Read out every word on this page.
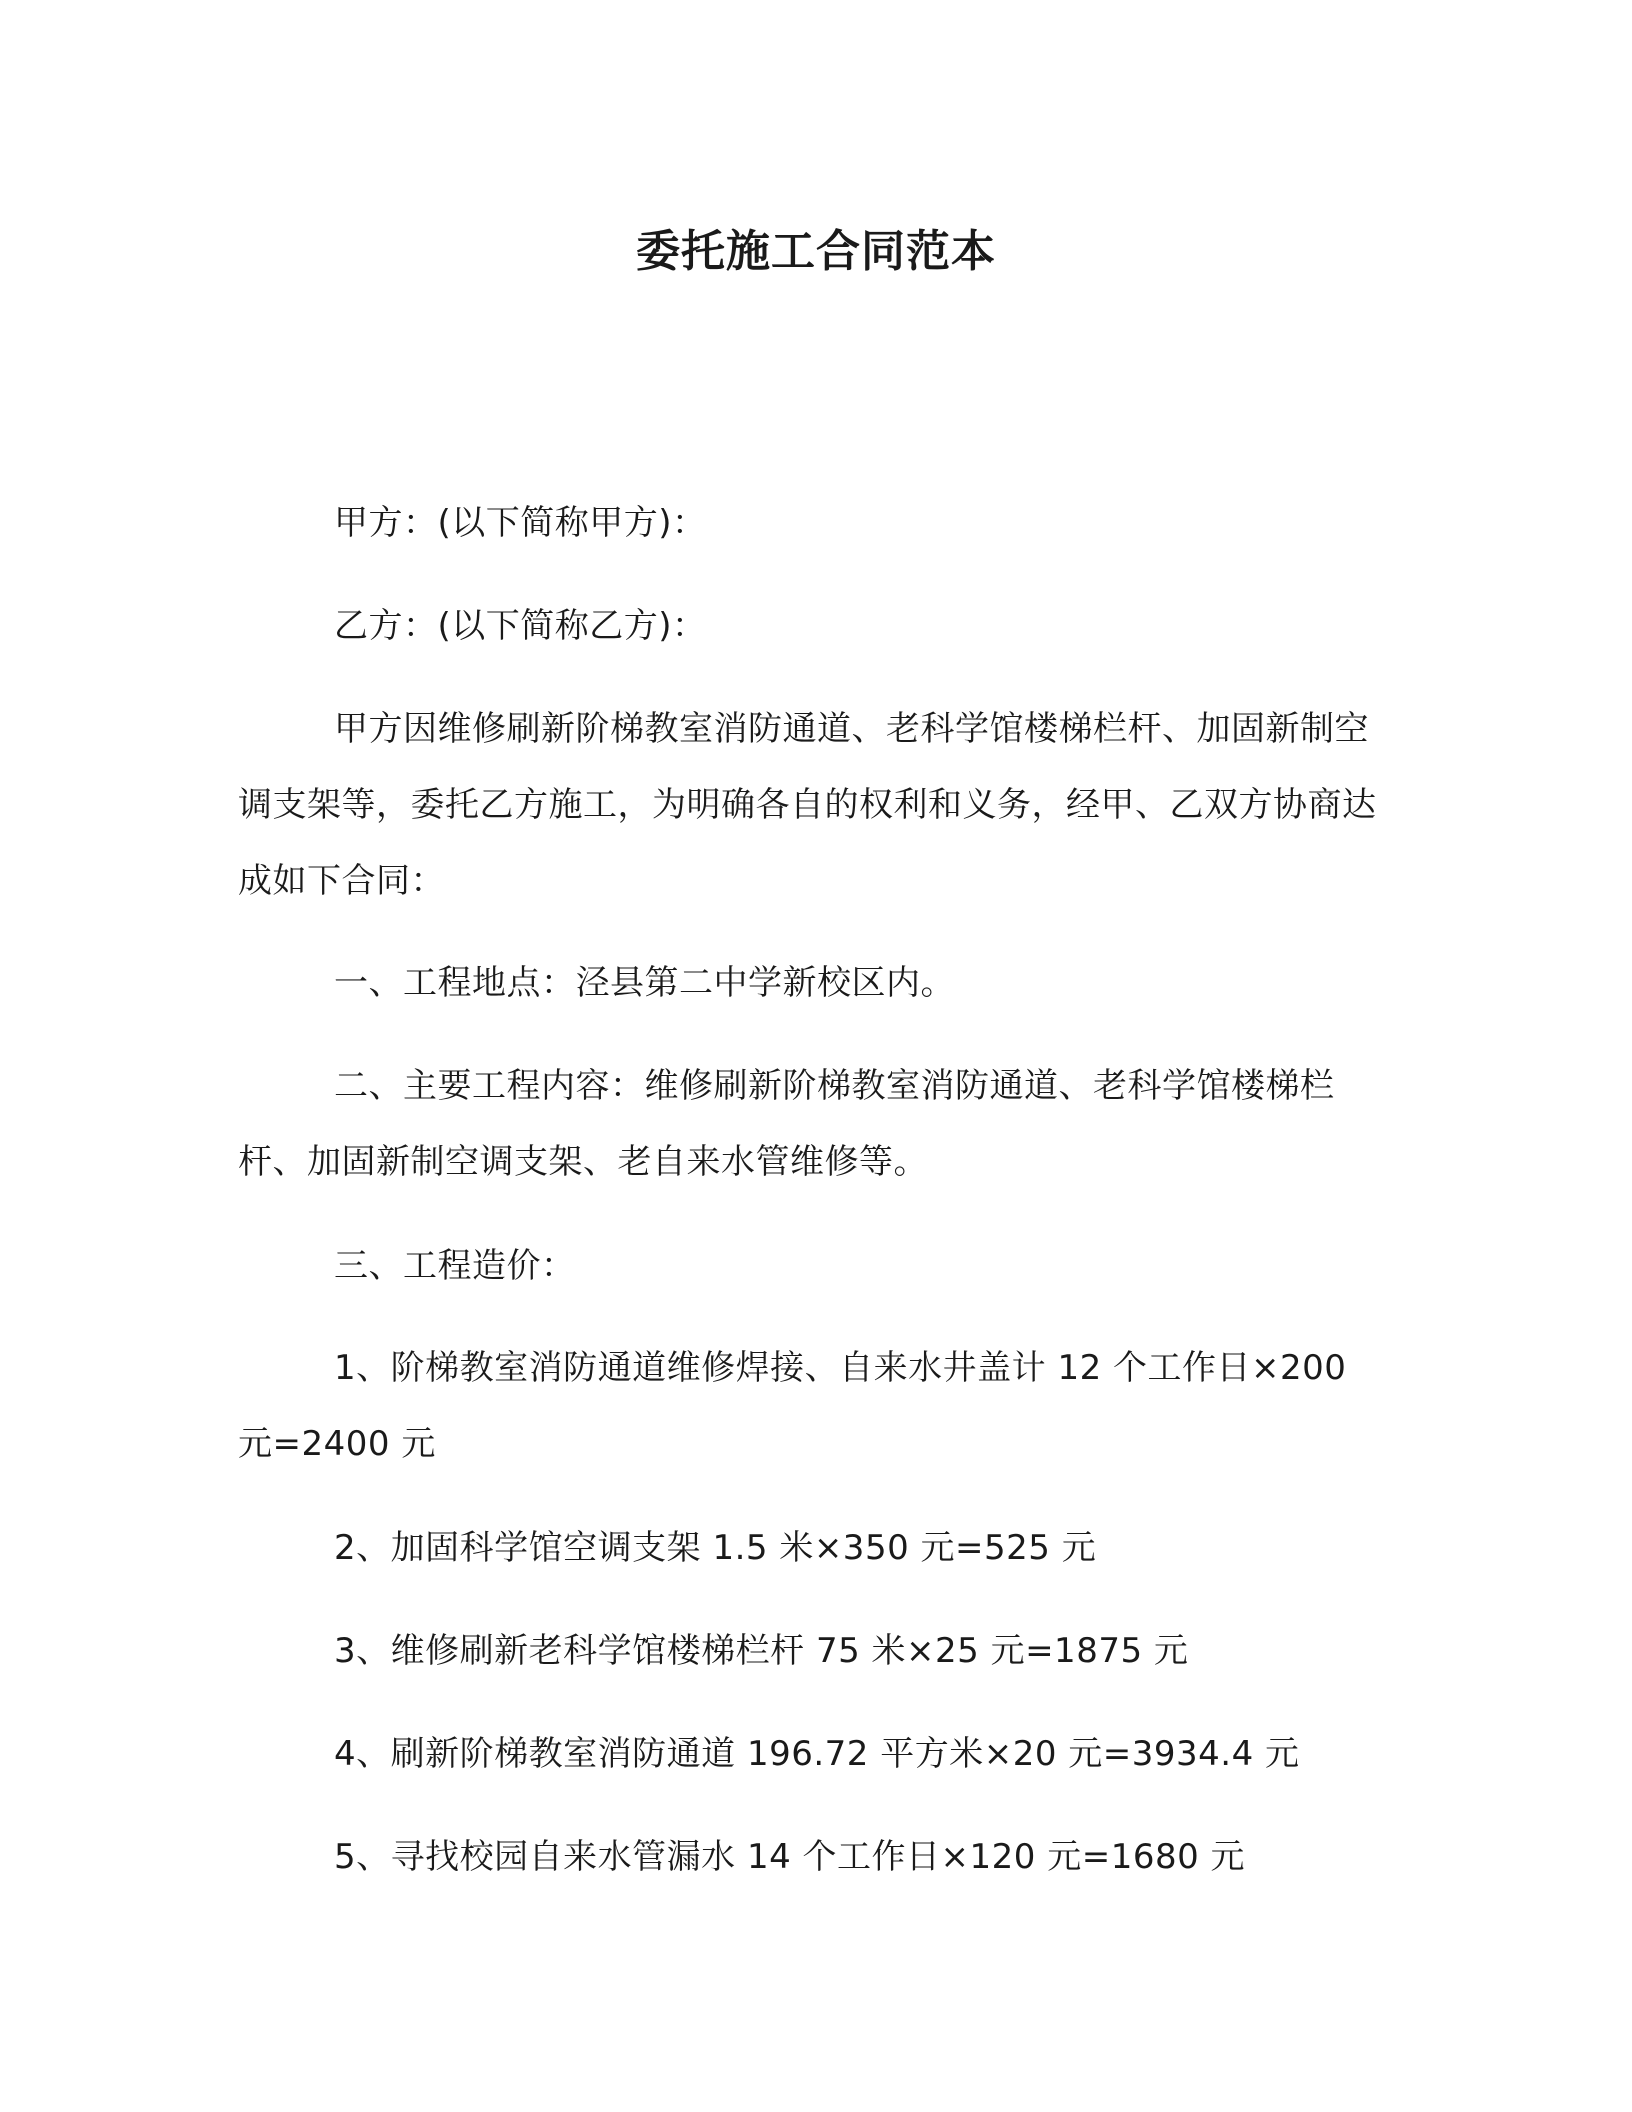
委托施工合同范本

甲方：(以下简称甲方)：

乙方：(以下简称乙方)：

甲方因维修刷新阶梯教室消防通道、老科学馆楼梯栏杆、加固新制空调支架等，委托乙方施工，为明确各自的权利和义务，经甲、乙双方协商达成如下合同：

一、工程地点：泾县第二中学新校区内。

二、主要工程内容：维修刷新阶梯教室消防通道、老科学馆楼梯栏杆、加固新制空调支架、老自来水管维修等。

三、工程造价：

1、阶梯教室消防通道维修焊接、自来水井盖计 12 个工作日×200 元=2400 元

2、加固科学馆空调支架 1.5 米×350 元=525 元

3、维修刷新老科学馆楼梯栏杆 75 米×25 元=1875 元

4、刷新阶梯教室消防通道 196.72 平方米×20 元=3934.4 元

5、寻找校园自来水管漏水 14 个工作日×120 元=1680 元
